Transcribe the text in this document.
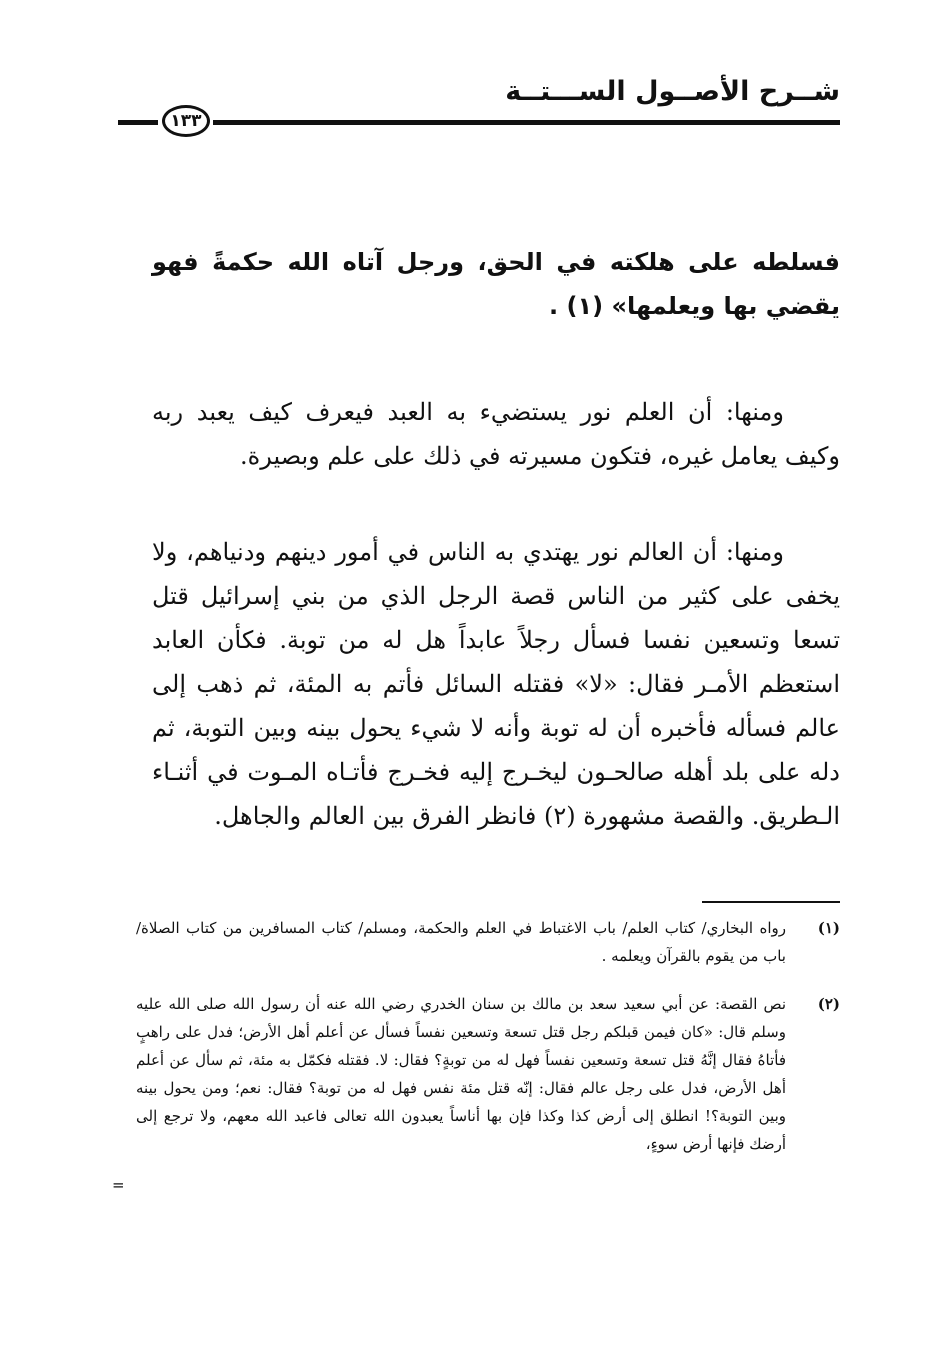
شــرح الأصــول الســـتــة
١٣٣

فسلطه على هلكته في الحق، ورجل آتاه الله حكمةً فهو يقضي بها ويعلمها» (١) .

ومنها: أن العلم نور يستضيء به العبد فيعرف كيف يعبد ربه وكيف يعامل غيره، فتكون مسيرته في ذلك على علم وبصيرة.

ومنها: أن العالم نور يهتدي به الناس في أمور دينهم ودنياهم، ولا يخفى على كثير من الناس قصة الرجل الذي من بني إسرائيل قتل تسعا وتسعين نفسا فسأل رجلاً عابداً هل له من توبة. فكأن العابد استعظم الأمـر فقال: «لا» فقتله السائل فأتم به المئة، ثم ذهب إلى عالم فسأله فأخبره أن له توبة وأنه لا شيء يحول بينه وبين التوبة، ثم دله على بلد أهله صالحـون ليخـرج إليه فخـرج فأتـاه المـوت في أثنـاء الـطريق. والقصة مشهورة (٢) فانظر الفرق بين العالم والجاهل.

(١)
رواه البخاري/ كتاب العلم/ باب الاغتباط في العلم والحكمة، ومسلم/ كتاب المسافرين من كتاب الصلاة/ باب من يقوم بالقرآن ويعلمه .
(٢)
نص القصة: عن أبي سعيد سعد بن مالك بن سنان الخدري رضي الله عنه أن رسول الله صلى الله عليه وسلم قال: «كان فيمن قبلكم رجل قتل تسعة وتسعين نفساً فسأل عن أعلم أهل الأرض؛ فدل على راهبٍ فأتاهُ فقال إنَّهُ قتل تسعة وتسعين نفساً فهل له من توبةٍ؟ فقال: لا. فقتله فكمّل به مئة، ثم سأل عن أعلم أهل الأرض، فدل على رجل عالم فقال: إنّه قتل مئة نفس فهل له من توبة؟ فقال: نعم؛ ومن يحول بينه وبين التوبة؟! انطلق إلى أرض كذا وكذا فإن بها أناساً يعبدون الله تعالى فاعبد الله معهم، ولا ترجع إلى أرضك فإنها أرض سوءٍ،
=
